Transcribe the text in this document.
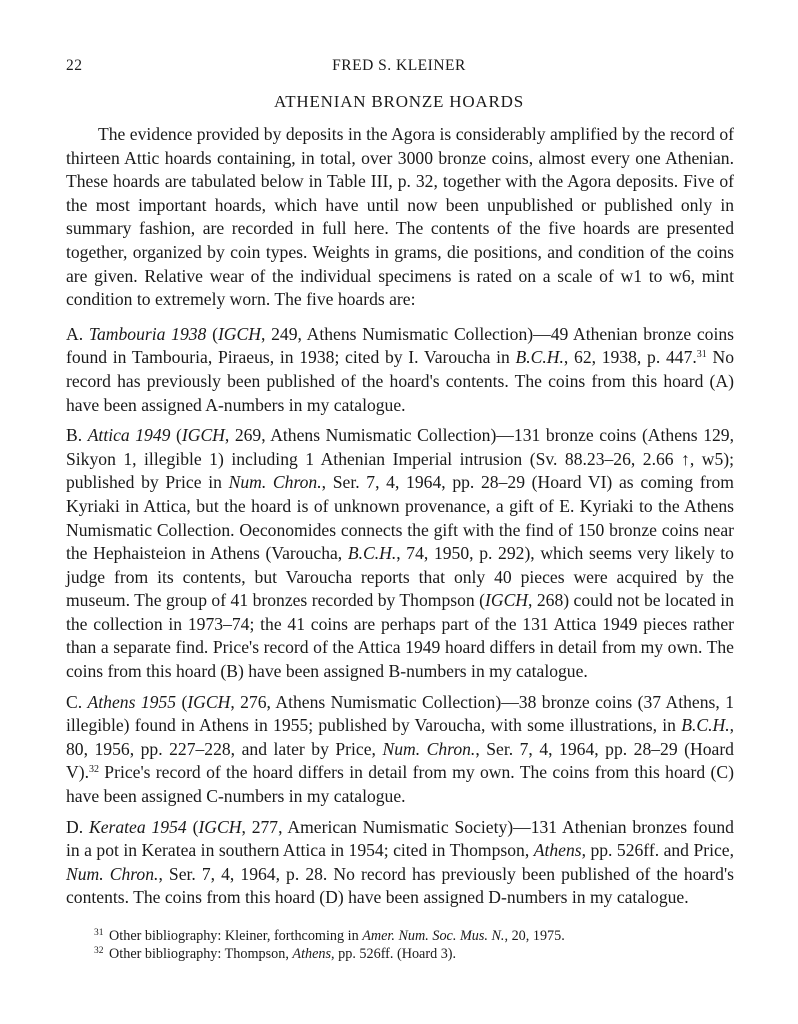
22	FRED S. KLEINER
ATHENIAN BRONZE HOARDS

The evidence provided by deposits in the Agora is considerably amplified by the record of thirteen Attic hoards containing, in total, over 3000 bronze coins, almost every one Athenian. These hoards are tabulated below in Table III, p. 32, together with the Agora deposits. Five of the most important hoards, which have until now been unpublished or published only in summary fashion, are recorded in full here. The contents of the five hoards are presented together, organized by coin types. Weights in grams, die positions, and condition of the coins are given. Relative wear of the individual specimens is rated on a scale of w1 to w6, mint condition to extremely worn. The five hoards are:

A. Tambouria 1938 (IGCH, 249, Athens Numismatic Collection)—49 Athenian bronze coins found in Tambouria, Piraeus, in 1938; cited by I. Varoucha in B.C.H., 62, 1938, p. 447.31 No record has previously been published of the hoard's contents. The coins from this hoard (A) have been assigned A-numbers in my catalogue.

B. Attica 1949 (IGCH, 269, Athens Numismatic Collection)—131 bronze coins (Athens 129, Sikyon 1, illegible 1) including 1 Athenian Imperial intrusion (Sv. 88.23–26, 2.66 ↑, w5); published by Price in Num. Chron., Ser. 7, 4, 1964, pp. 28–29 (Hoard VI) as coming from Kyriaki in Attica, but the hoard is of unknown provenance, a gift of E. Kyriaki to the Athens Numismatic Collection. Oeconomides connects the gift with the find of 150 bronze coins near the Hephaisteion in Athens (Varoucha, B.C.H., 74, 1950, p. 292), which seems very likely to judge from its contents, but Varoucha reports that only 40 pieces were acquired by the museum. The group of 41 bronzes recorded by Thompson (IGCH, 268) could not be located in the collection in 1973–74; the 41 coins are perhaps part of the 131 Attica 1949 pieces rather than a separate find. Price's record of the Attica 1949 hoard differs in detail from my own. The coins from this hoard (B) have been assigned B-numbers in my catalogue.

C. Athens 1955 (IGCH, 276, Athens Numismatic Collection)—38 bronze coins (37 Athens, 1 illegible) found in Athens in 1955; published by Varoucha, with some illustrations, in B.C.H., 80, 1956, pp. 227–228, and later by Price, Num. Chron., Ser. 7, 4, 1964, pp. 28–29 (Hoard V).$^{32}$ Price's record of the hoard differs in detail from my own. The coins from this hoard (C) have been assigned C-numbers in my catalogue.

D. Keratea 1954 (IGCH, 277, American Numismatic Society)—131 Athenian bronzes found in a pot in Keratea in southern Attica in 1954; cited in Thompson, Athens, pp. 526ff. and Price, Num. Chron., Ser. 7, 4, 1964, p. 28. No record has previously been published of the hoard's contents. The coins from this hoard (D) have been assigned D-numbers in my catalogue.

$^{31}$ Other bibliography: Kleiner, forthcoming in Amer. Num. Soc. Mus. N., 20, 1975.

$^{32}$ Other bibliography: Thompson, Athens, pp. 526ff. (Hoard 3).
